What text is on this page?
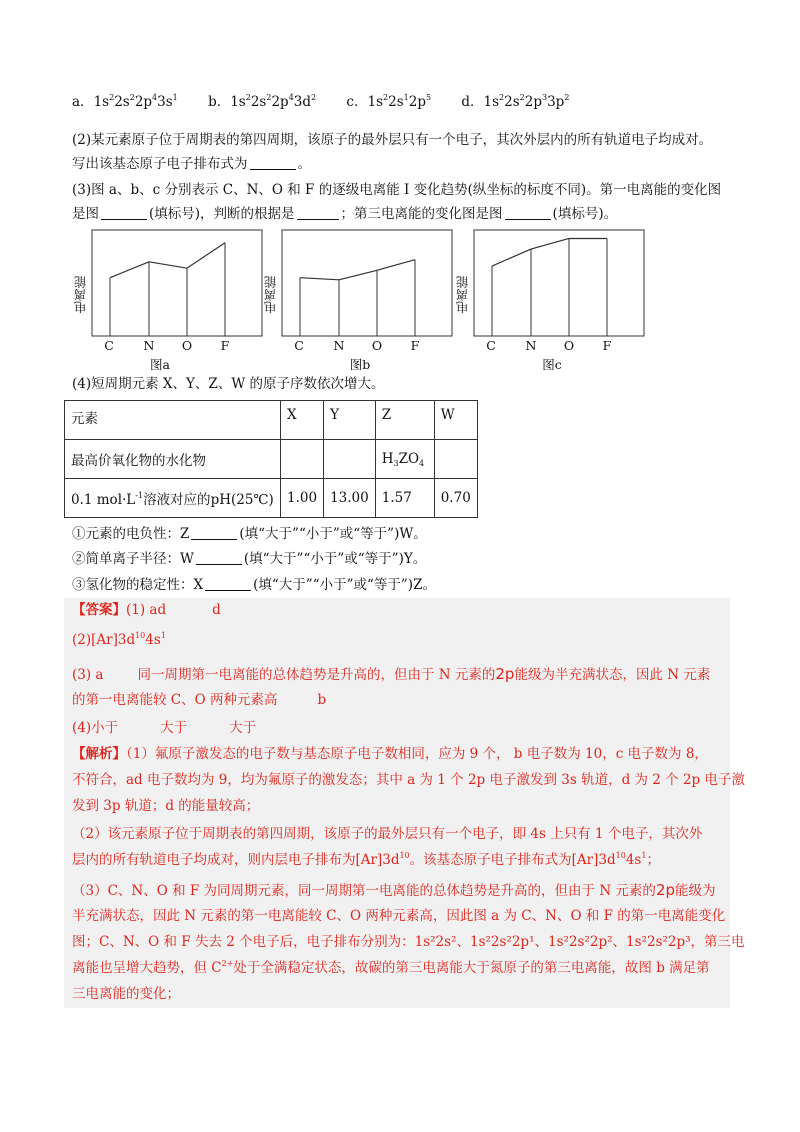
a．$1s^22s^22p^43s^1$ b．$1s^22s^22p^43d^2$ c．$1s^22s^12p^5$ d．$1s^22s^22p^33p^2$
(2)某元素原子位于周期表的第四周期，该原子的最外层只有一个电子，其次外层内的所有轨道电子均成对。
写出该基态原子电子排布式为	。
(3)图 a、b、c 分别表示 C、N、O 和 F 的逐级电离能 I 变化趋势(纵坐标的标度不同)。第一电离能的变化图
是图	(填标号)，判断的根据是	；第三电离能的变化图是图	(填标号)。
电离能
C N O F
图a
电离能
C N O F
图b
电离能
C N O F
图c
(4)短周期元素 X、Y、Z、W 的原子序数依次增大。
元素	X	Y	Z	W
最高价氧化物的水化物			$H_3ZO_4$	
0.1 $mol\cdot L^{-1}$溶液对应的pH(25℃)	1.00	13.00	1.57	0.70
①元素的电负性：Z	(填“大于”“小于”或“等于”)W。
②简单离子半径：W	(填“大于”“小于”或“等于”)Y。
③氢化物的稳定性：X	(填“大于”“小于”或“等于”)Z。
【答案】(1) ad	d
$(2)[Ar]3d^{10}4s^1$
(3) a	同一周期第一电离能的总体趋势是升高的，但由于 N 元素的2p能级为半充满状态，因此 N 元素
的第一电离能较 C、O 两种元素高	b
(4)小于	大于	大于
【解析】（1）氟原子激发态的电子数与基态原子电子数相同，应为 9 个， b 电子数为 10，c 电子数为 8，
不符合，ad 电子数均为 9，均为氟原子的激发态；其中 a 为 1 个 2p 电子激发到 3s 轨道，d 为 2 个 2p 电子激
发到 3p 轨道；d 的能量较高；
（2）该元素原子位于周期表的第四周期，该原子的最外层只有一个电子，即 4s 上只有 1 个电子，其次外
层内的所有轨道电子均成对，则内层电子排布为$[Ar]3d^{10}$。该基态原子电子排布式为$[Ar]3d^{10}4s^1$；
（3）C、N、O 和 F 为同周期元素，同一周期第一电离能的总体趋势是升高的，但由于 N 元素的2p能级为
半充满状态，因此 N 元素的第一电离能较 C、O 两种元素高，因此图 a 为 C、N、O 和 F 的第一电离能变化
图；C、N、O 和 F 失去 2 个电子后，电子排布分别为：1s²2s²、1s²2s²2p¹、1s²2s²2p²、1s²2s²2p³，第三电
离能也呈增大趋势，但 $C^{2+}$处于全满稳定状态，故碳的第三电离能大于氮原子的第三电离能，故图 b 满足第
三电离能的变化；
